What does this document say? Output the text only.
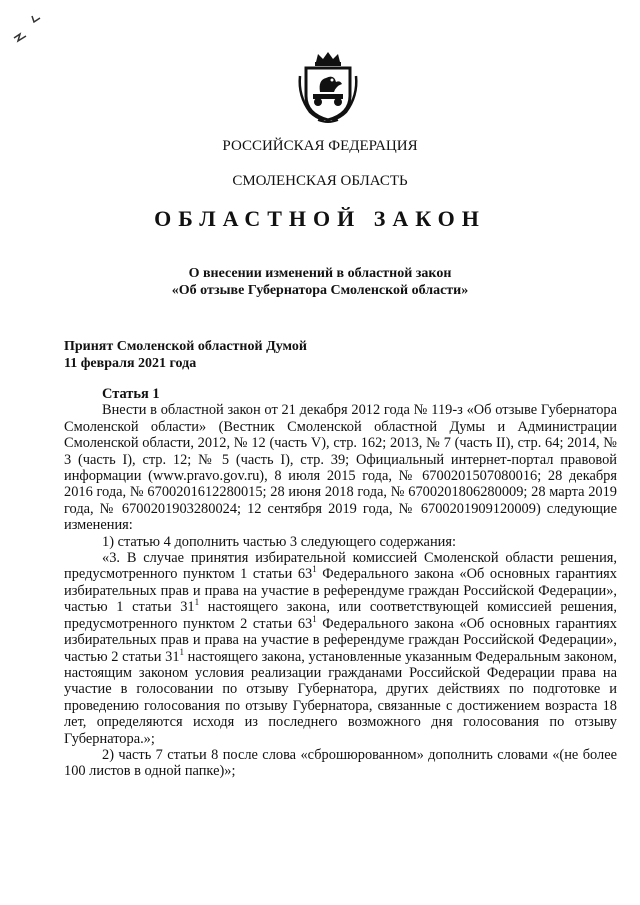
РОССИЙСКАЯ ФЕДЕРАЦИЯ
СМОЛЕНСКАЯ ОБЛАСТЬ
ОБЛАСТНОЙ ЗАКОН
О внесении изменений в областной закон
«Об отзыве Губернатора Смоленской области»
Принят Смоленской областной Думой
11 февраля 2021 года

Статья 1

Внести в областной закон от 21 декабря 2012 года № 119-з «Об отзыве Губернатора Смоленской области» (Вестник Смоленской областной Думы и Администрации Смоленской области, 2012, № 12 (часть V), стр. 162; 2013, № 7 (часть II), стр. 64; 2014, № 3 (часть I), стр. 12; № 5 (часть I), стр. 39; Официальный интернет-портал правовой информации (www.pravo.gov.ru), 8 июля 2015 года, № 6700201507080016; 28 декабря 2016 года, № 6700201612280015; 28 июня 2018 года, № 6700201806280009; 28 марта 2019 года, № 6700201903280024; 12 сентября 2019 года, № 6700201909120009) следующие изменения:

1) статью 4 дополнить частью 3 следующего содержания:

«3. В случае принятия избирательной комиссией Смоленской области решения, предусмотренного пунктом 1 статьи $63^1$ Федерального закона «Об основных гарантиях избирательных прав и права на участие в референдуме граждан Российской Федерации», частью 1 статьи $31^1$ настоящего закона, или соответствующей комиссией решения, предусмотренного пунктом 2 статьи $63^1$ Федерального закона «Об основных гарантиях избирательных прав и права на участие в референдуме граждан Российской Федерации», частью 2 статьи $31^1$ настоящего закона, установленные указанным Федеральным законом, настоящим законом условия реализации гражданами Российской Федерации права на участие в голосовании по отзыву Губернатора, других действиях по подготовке и проведению голосования по отзыву Губернатора, связанные с достижением возраста 18 лет, определяются исходя из последнего возможного дня голосования по отзыву Губернатора.»;

2) часть 7 статьи 8 после слова «сброшюрованном» дополнить словами «(не более 100 листов в одной папке)»;
